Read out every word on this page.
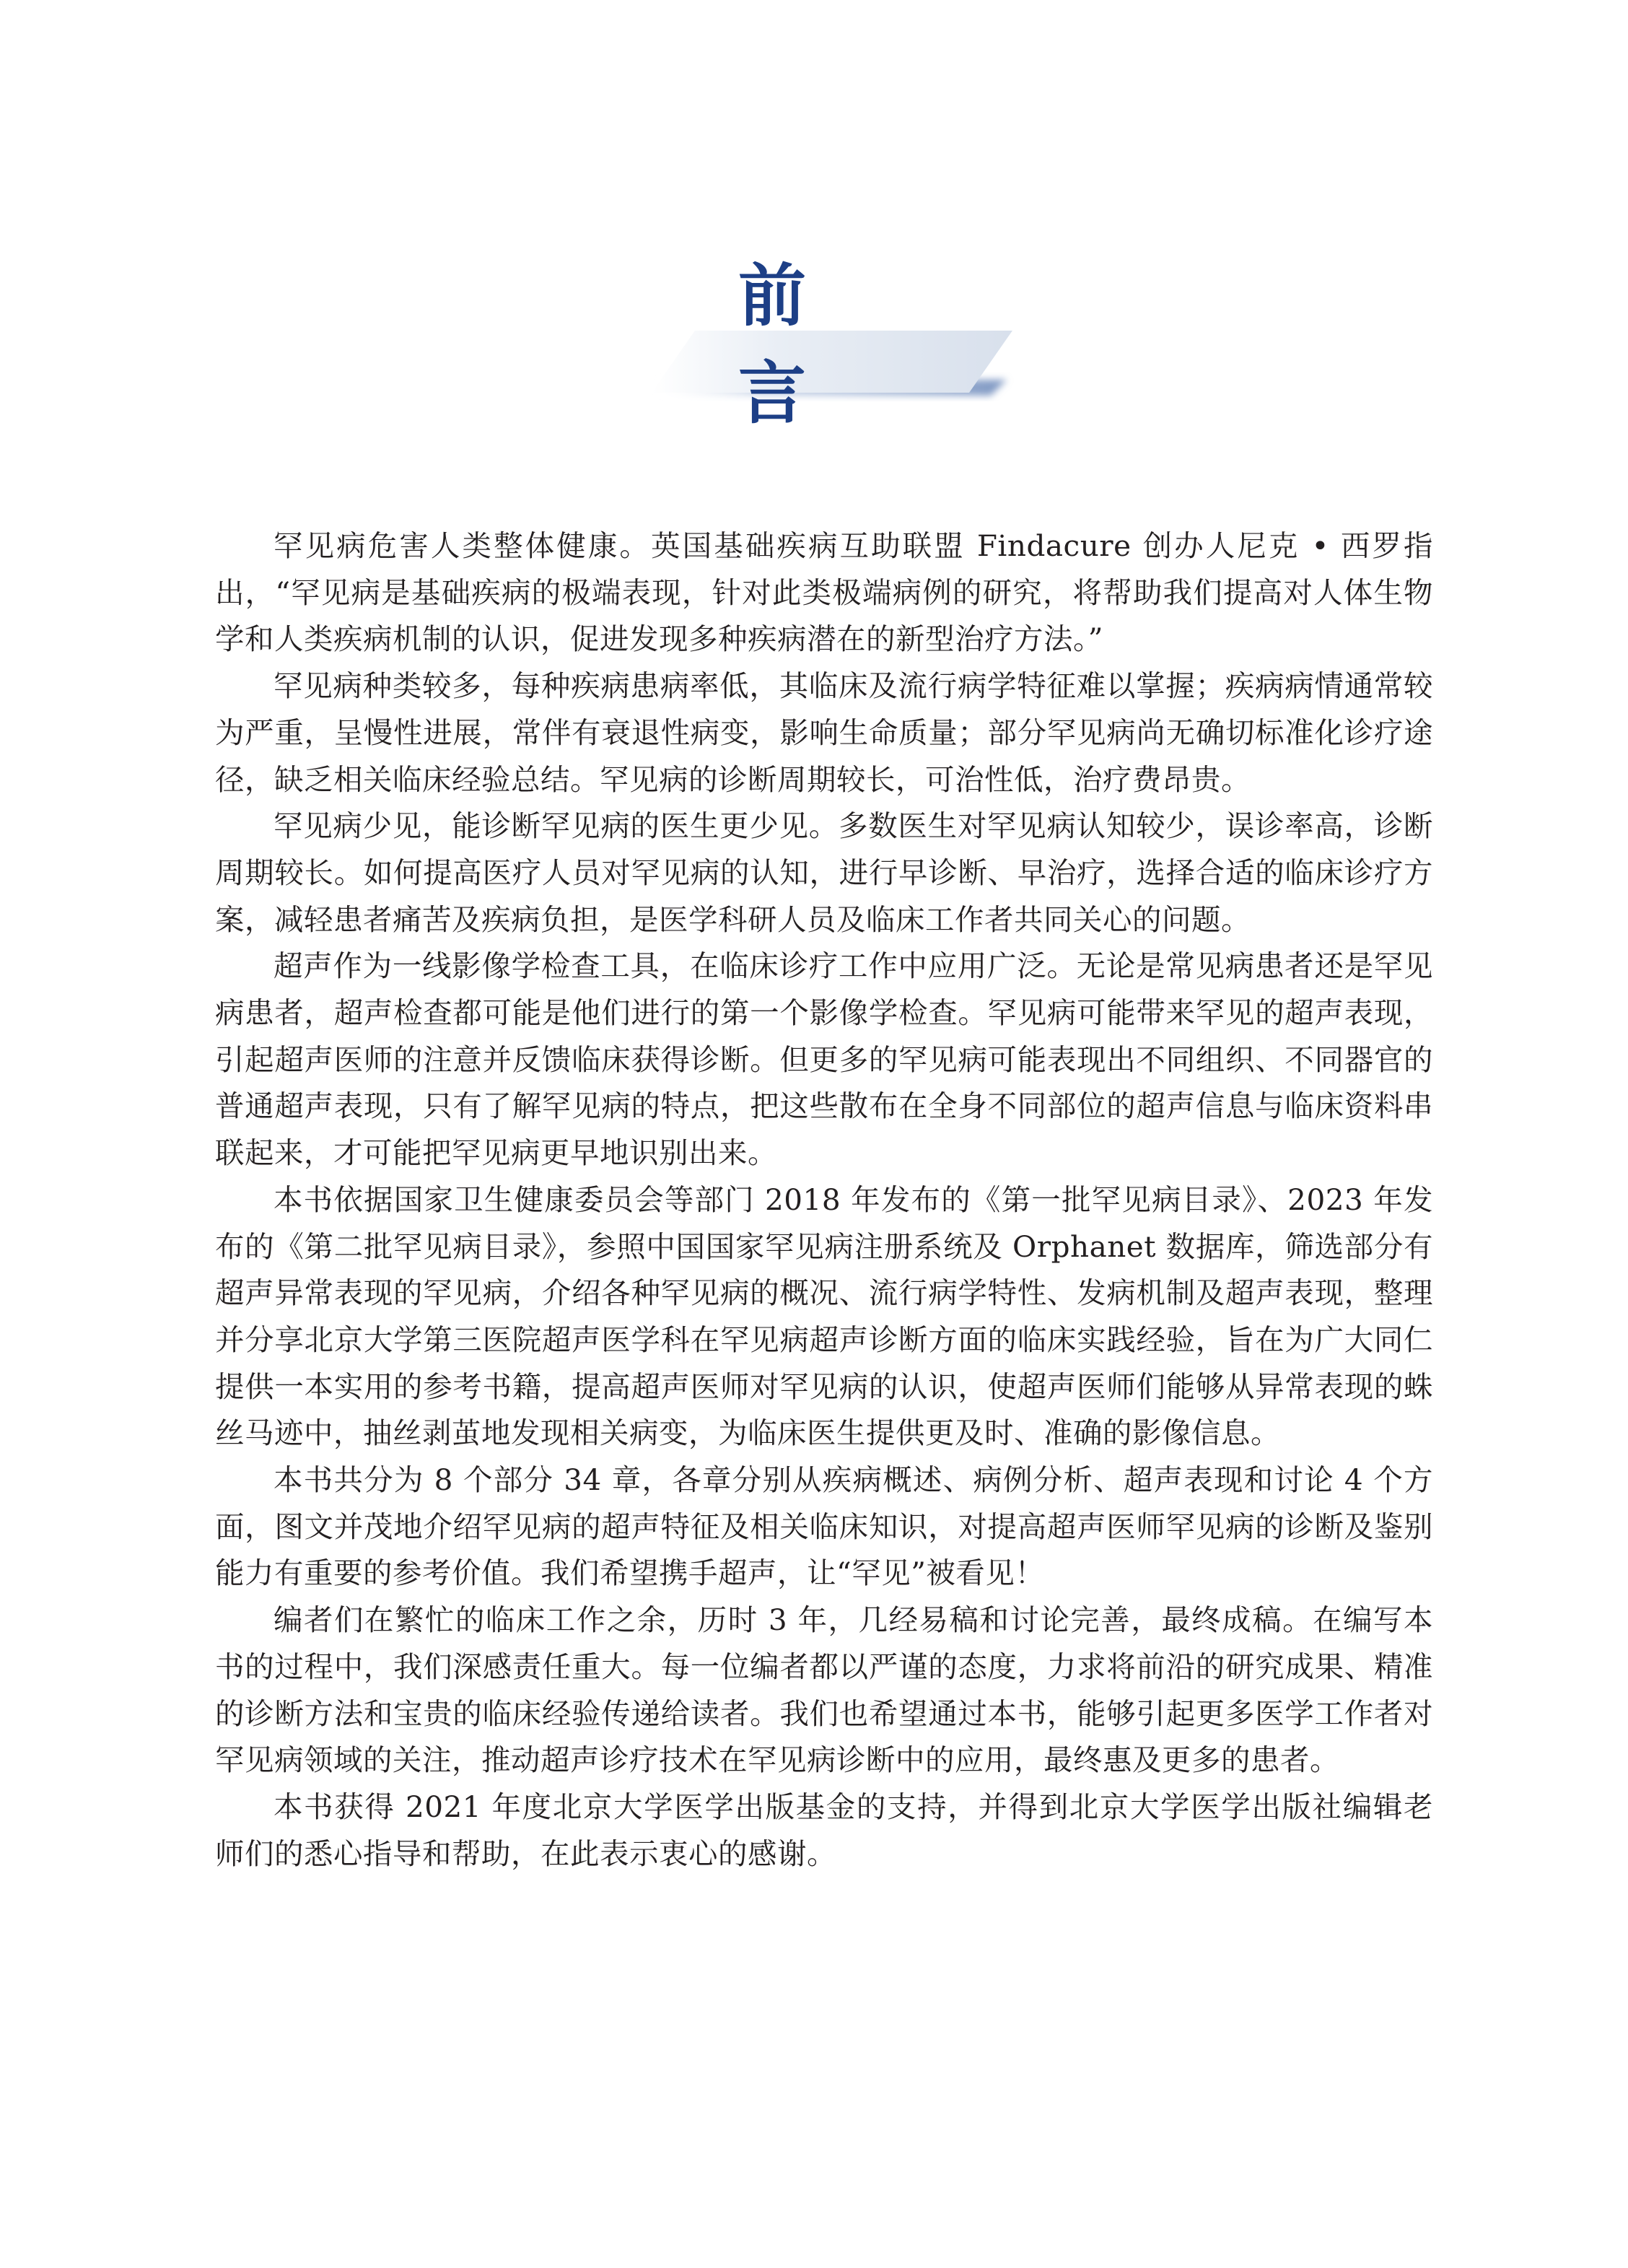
前

罕见病危害人类整体健康。英国基础疾病互助联盟 Findacure 创办人尼克 • 西罗指出，“罕见病是基础疾病的极端表现，针对此类极端病例的研究，将帮助我们提高对人体生物学和人类疾病机制的认识，促进发现多种疾病潜在的新型治疗方法。”

罕见病种类较多，每种疾病患病率低，其临床及流行病学特征难以掌握；疾病病情通常较为严重，呈慢性进展，常伴有衰退性病变，影响生命质量；部分罕见病尚无确切标准化诊疗途径，缺乏相关临床经验总结。罕见病的诊断周期较长，可治性低，治疗费昂贵。

罕见病少见，能诊断罕见病的医生更少见。多数医生对罕见病认知较少，误诊率高，诊断周期较长。如何提高医疗人员对罕见病的认知，进行早诊断、早治疗，选择合适的临床诊疗方案，减轻患者痛苦及疾病负担，是医学科研人员及临床工作者共同关心的问题。

超声作为一线影像学检查工具，在临床诊疗工作中应用广泛。无论是常见病患者还是罕见病患者，超声检查都可能是他们进行的第一个影像学检查。罕见病可能带来罕见的超声表现，引起超声医师的注意并反馈临床获得诊断。但更多的罕见病可能表现出不同组织、不同器官的普通超声表现，只有了解罕见病的特点，把这些散布在全身不同部位的超声信息与临床资料串联起来，才可能把罕见病更早地识别出来。

本书依据国家卫生健康委员会等部门 2018 年发布的《第一批罕见病目录》、2023 年发布的《第二批罕见病目录》，参照中国国家罕见病注册系统及 Orphanet 数据库，筛选部分有超声异常表现的罕见病，介绍各种罕见病的概况、流行病学特性、发病机制及超声表现，整理并分享北京大学第三医院超声医学科在罕见病超声诊断方面的临床实践经验，旨在为广大同仁提供一本实用的参考书籍，提高超声医师对罕见病的认识，使超声医师们能够从异常表现的蛛丝马迹中，抽丝剥茧地发现相关病变，为临床医生提供更及时、准确的影像信息。

本书共分为 8 个部分 34 章，各章分别从疾病概述、病例分析、超声表现和讨论 4 个方面，图文并茂地介绍罕见病的超声特征及相关临床知识，对提高超声医师罕见病的诊断及鉴别能力有重要的参考价值。我们希望携手超声，让“罕见”被看见！

编者们在繁忙的临床工作之余，历时 3 年，几经易稿和讨论完善，最终成稿。在编写本书的过程中，我们深感责任重大。每一位编者都以严谨的态度，力求将前沿的研究成果、精准的诊断方法和宝贵的临床经验传递给读者。我们也希望通过本书，能够引起更多医学工作者对罕见病领域的关注，推动超声诊疗技术在罕见病诊断中的应用，最终惠及更多的患者。

本书获得 2021 年度北京大学医学出版基金的支持，并得到北京大学医学出版社编辑老师们的悉心指导和帮助，在此表示衷心的感谢。
